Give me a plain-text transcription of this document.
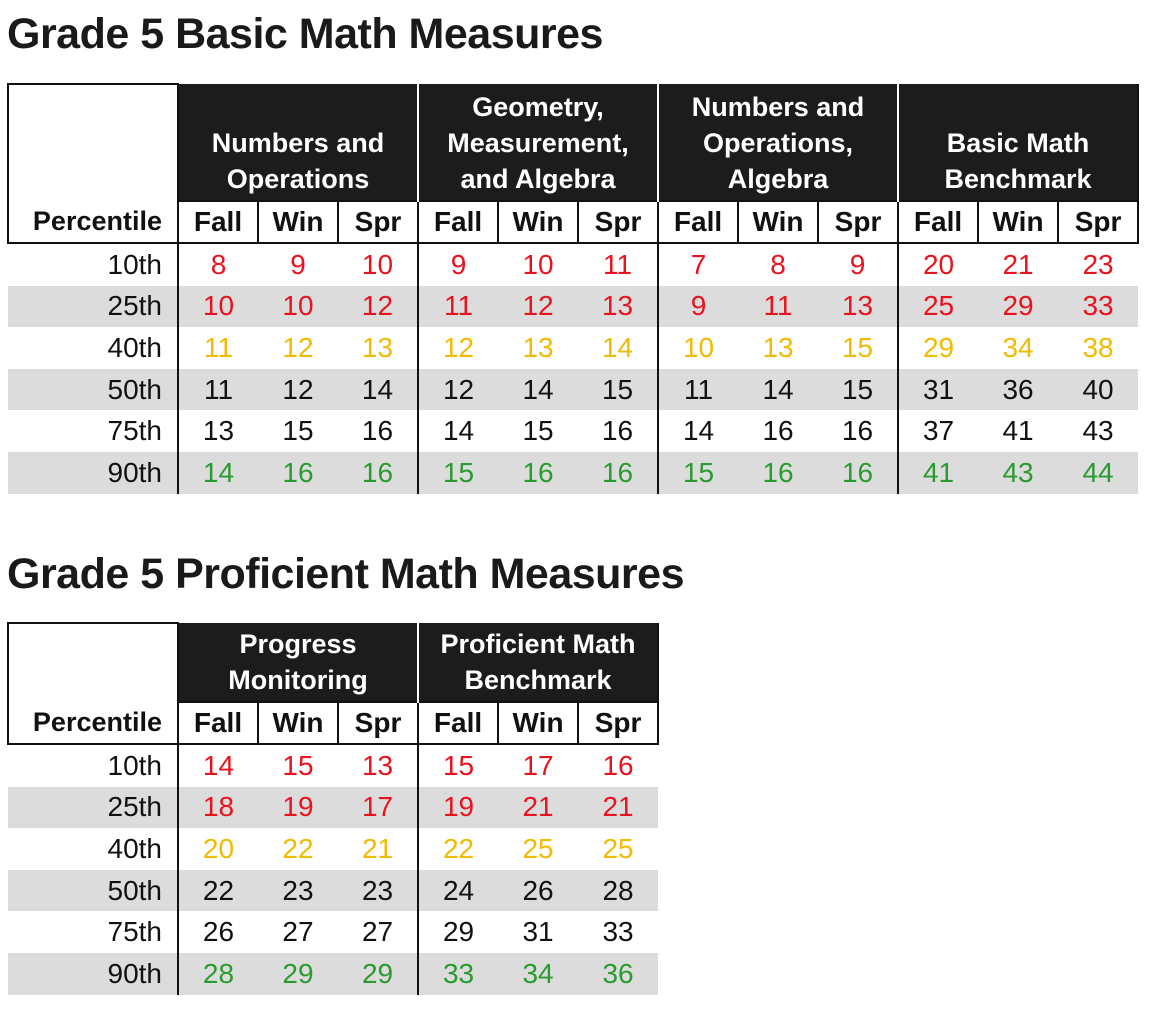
Grade 5 Basic Math Measures
	Numbers and
Operations			Geometry,
Measurement,
and Algebra			Numbers and
Operations,
Algebra			Basic Math
Benchmark		
Percentile	Fall	Win	Spr	Fall	Win	Spr	Fall	Win	Spr	Fall	Win	Spr
10th	8	9	10	9	10	11	7	8	9	20	21	23
25th	10	10	12	11	12	13	9	11	13	25	29	33
40th	11	12	13	12	13	14	10	13	15	29	34	38
50th	11	12	14	12	14	15	11	14	15	31	36	40
75th	13	15	16	14	15	16	14	16	16	37	41	43
90th	14	16	16	15	16	16	15	16	16	41	43	44
Grade 5 Proficient Math Measures
	Progress
Monitoring			Proficient Math
Benchmark		
Percentile	Fall	Win	Spr	Fall	Win	Spr
10th	14	15	13	15	17	16
25th	18	19	17	19	21	21
40th	20	22	21	22	25	25
50th	22	23	23	24	26	28
75th	26	27	27	29	31	33
90th	28	29	29	33	34	36
